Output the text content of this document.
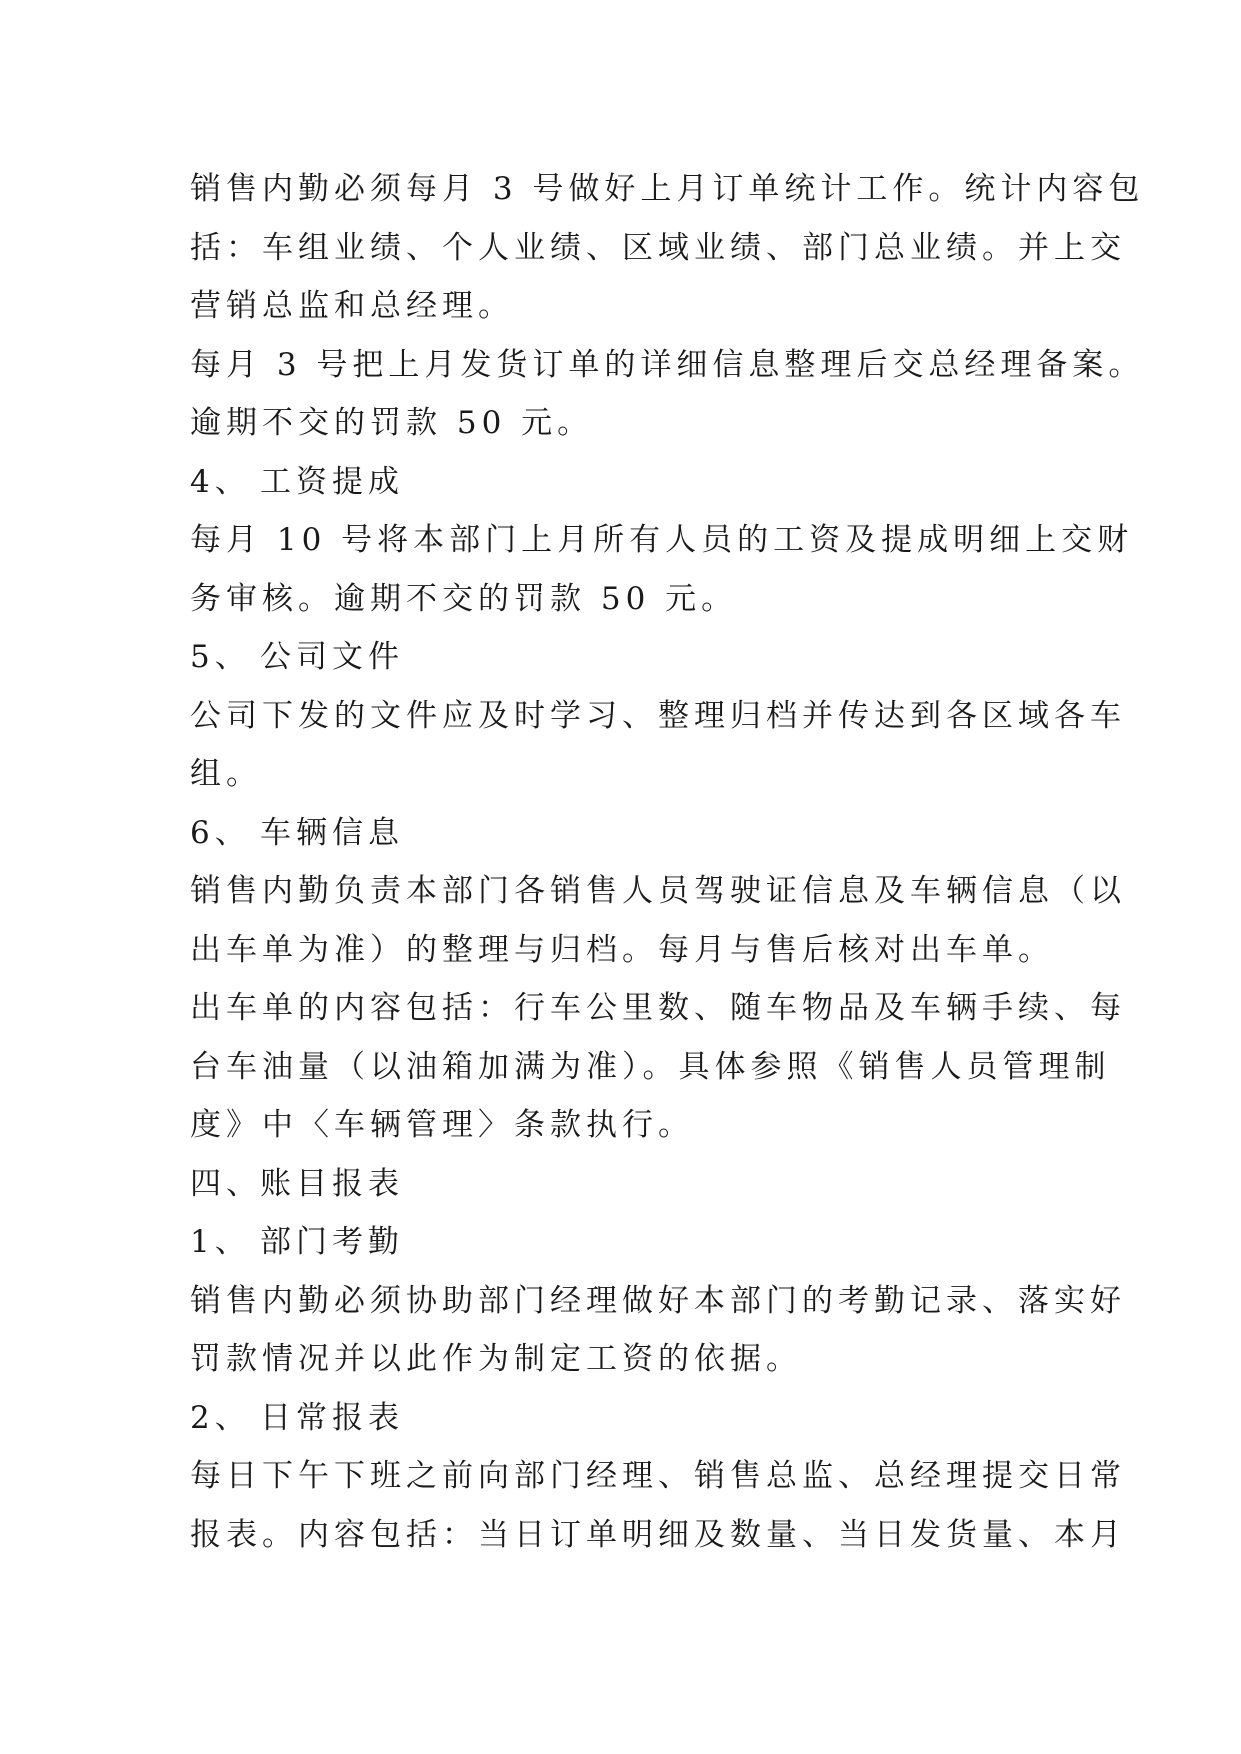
销售内勤必须每月 3 号做好上月订单统计工作。统计内容包
括：车组业绩、个人业绩、区域业绩、部门总业绩。并上交
营销总监和总经理。
每月 3 号把上月发货订单的详细信息整理后交总经理备案。
逾期不交的罚款 50 元。
4、 工资提成
每月 10 号将本部门上月所有人员的工资及提成明细上交财
务审核。逾期不交的罚款 50 元。
5、 公司文件
公司下发的文件应及时学习、整理归档并传达到各区域各车
组。
6、 车辆信息
销售内勤负责本部门各销售人员驾驶证信息及车辆信息（以
出车单为准）的整理与归档。每月与售后核对出车单。
出车单的内容包括：行车公里数、随车物品及车辆手续、每
台车油量（以油箱加满为准）。具体参照《销售人员管理制
度》中〈车辆管理〉条款执行。
四、账目报表
1、 部门考勤
销售内勤必须协助部门经理做好本部门的考勤记录、落实好
罚款情况并以此作为制定工资的依据。
2、 日常报表
每日下午下班之前向部门经理、销售总监、总经理提交日常
报表。内容包括：当日订单明细及数量、当日发货量、本月
